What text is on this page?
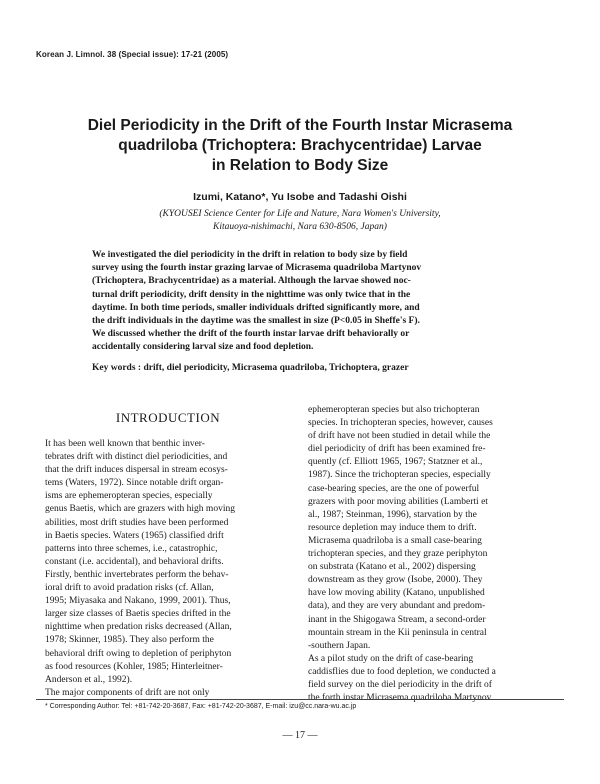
Korean J. Limnol. 38 (Special issue): 17-21 (2005)
Diel Periodicity in the Drift of the Fourth Instar Micrasema
quadriloba (Trichoptera: Brachycentridae) Larvae
in Relation to Body Size
Izumi, Katano*, Yu Isobe and Tadashi Oishi
(KYOUSEI Science Center for Life and Nature, Nara Women's University,
Kitauoya-nishimachi, Nara 630-8506, Japan)
We investigated the diel periodicity in the drift in relation to body size by field
survey using the fourth instar grazing larvae of Micrasema quadriloba Martynov
(Trichoptera, Brachycentridae) as a material. Although the larvae showed noc-
turnal drift periodicity, drift density in the nighttime was only twice that in the
daytime. In both time periods, smaller individuals drifted significantly more, and
the drift individuals in the daytime was the smallest in size (P<0.05 in Sheffe's F).
We discussed whether the drift of the fourth instar larvae drift behaviorally or
accidentally considering larval size and food depletion.
Key words : drift, diel periodicity, Micrasema quadriloba, Trichoptera, grazer
INTRODUCTION
It has been well known that benthic inver-
tebrates drift with distinct diel periodicities, and
that the drift induces dispersal in stream ecosys-
tems (Waters, 1972). Since notable drift organ-
isms are ephemeropteran species, especially
genus Baetis, which are grazers with high moving
abilities, most drift studies have been performed
in Baetis species. Waters (1965) classified drift
patterns into three schemes, i.e., catastrophic,
constant (i.e. accidental), and behavioral drifts.
Firstly, benthic invertebrates perform the behav-
ioral drift to avoid pradation risks (cf. Allan,
1995; Miyasaka and Nakano, 1999, 2001). Thus,
larger size classes of Baetis species drifted in the
nighttime when predation risks decreased (Allan,
1978; Skinner, 1985). They also perform the
behavioral drift owing to depletion of periphyton
as food resources (Kohler, 1985; Hinterleitner-
Anderson et al., 1992).
The major components of drift are not only
ephemeropteran species but also trichopteran
species. In trichopteran species, however, causes
of drift have not been studied in detail while the
diel periodicity of drift has been examined fre-
quently (cf. Elliott 1965, 1967; Statzner et al.,
1987). Since the trichopteran species, especially
case-bearing species, are the one of powerful
grazers with poor moving abilities (Lamberti et
al., 1987; Steinman, 1996), starvation by the
resource depletion may induce them to drift.
Micrasema quadriloba is a small case-bearing
trichopteran species, and they graze periphyton
on substrata (Katano et al., 2002) dispersing
downstream as they grow (Isobe, 2000). They
have low moving ability (Katano, unpublished
data), and they are very abundant and predom-
inant in the Shigogawa Stream, a second-order
mountain stream in the Kii peninsula in central
-southern Japan.
As a pilot study on the drift of case-bearing
caddisflies due to food depletion, we conducted a
field survey on the diel periodicity in the drift of
the forth instar Micrasema quadriloba Martynov
* Corresponding Author: Tel: +81-742-20-3687, Fax: +81-742-20-3687, E-mail: izu@cc.nara-wu.ac.jp
— 17 —
